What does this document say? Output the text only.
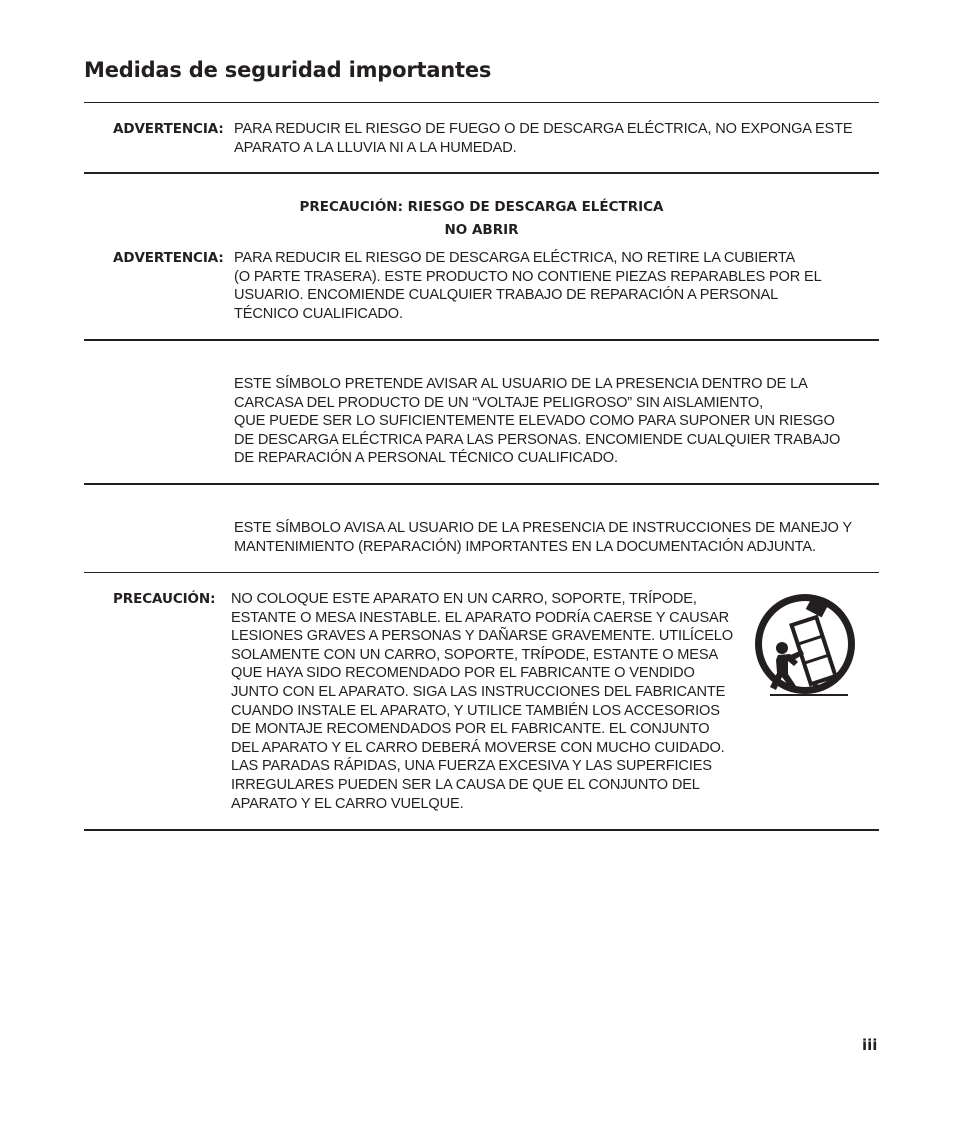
Medidas de seguridad importantes
ADVERTENCIA: PARA REDUCIR EL RIESGO DE FUEGO O DE DESCARGA ELÉCTRICA, NO EXPONGA ESTE
APARATO A LA LLUVIA NI A LA HUMEDAD.
PRECAUCIÓN: RIESGO DE DESCARGA ELÉCTRICA
NO ABRIR
ADVERTENCIA: PARA REDUCIR EL RIESGO DE DESCARGA ELÉCTRICA, NO RETIRE LA CUBIERTA
(O PARTE TRASERA). ESTE PRODUCTO NO CONTIENE PIEZAS REPARABLES POR EL
USUARIO. ENCOMIENDE CUALQUIER TRABAJO DE REPARACIÓN A PERSONAL
TÉCNICO CUALIFICADO.
ESTE SÍMBOLO PRETENDE AVISAR AL USUARIO DE LA PRESENCIA DENTRO DE LA
CARCASA DEL PRODUCTO DE UN “VOLTAJE PELIGROSO” SIN AISLAMIENTO,
QUE PUEDE SER LO SUFICIENTEMENTE ELEVADO COMO PARA SUPONER UN RIESGO
DE DESCARGA ELÉCTRICA PARA LAS PERSONAS. ENCOMIENDE CUALQUIER TRABAJO
DE REPARACIÓN A PERSONAL TÉCNICO CUALIFICADO.
ESTE SÍMBOLO AVISA AL USUARIO DE LA PRESENCIA DE INSTRUCCIONES DE MANEJO Y
MANTENIMIENTO (REPARACIÓN) IMPORTANTES EN LA DOCUMENTACIÓN ADJUNTA.
PRECAUCIÓN: NO COLOQUE ESTE APARATO EN UN CARRO, SOPORTE, TRÍPODE,
ESTANTE O MESA INESTABLE. EL APARATO PODRÍA CAERSE Y CAUSAR
LESIONES GRAVES A PERSONAS Y DAÑARSE GRAVEMENTE. UTILÍCELO
SOLAMENTE CON UN CARRO, SOPORTE, TRÍPODE, ESTANTE O MESA
QUE HAYA SIDO RECOMENDADO POR EL FABRICANTE O VENDIDO
JUNTO CON EL APARATO. SIGA LAS INSTRUCCIONES DEL FABRICANTE
CUANDO INSTALE EL APARATO, Y UTILICE TAMBIÉN LOS ACCESORIOS
DE MONTAJE RECOMENDADOS POR EL FABRICANTE. EL CONJUNTO
DEL APARATO Y EL CARRO DEBERÁ MOVERSE CON MUCHO CUIDADO.
LAS PARADAS RÁPIDAS, UNA FUERZA EXCESIVA Y LAS SUPERFICIES
IRREGULARES PUEDEN SER LA CAUSA DE QUE EL CONJUNTO DEL
APARATO Y EL CARRO VUELQUE.
iii
